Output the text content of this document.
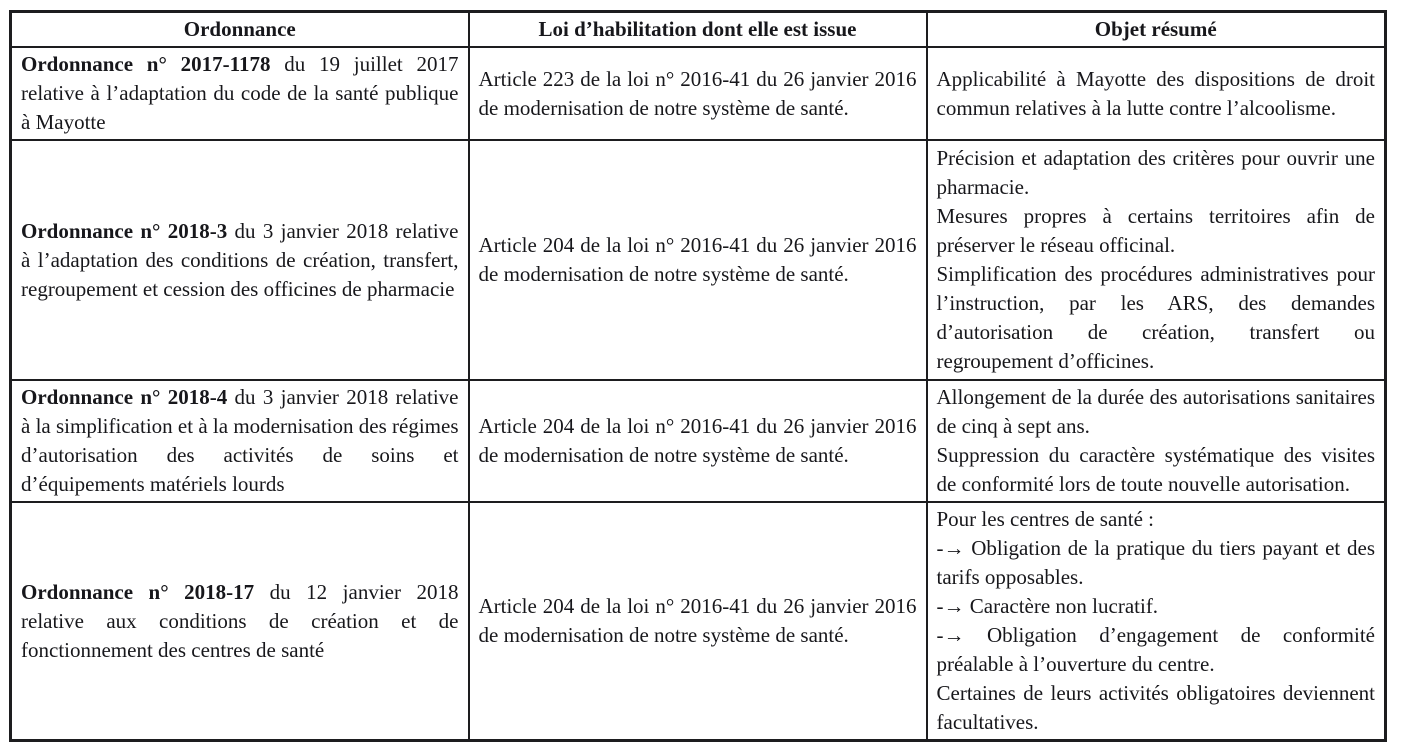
Ordonnance	Loi d’habilitation dont elle est issue	Objet résumé
Ordonnance n° 2017-1178 du 19 juillet 2017 relative à l’adaptation du code de la santé publique à Mayotte	Article 223 de la loi n° 2016-41 du 26 janvier 2016 de modernisation de notre système de santé.	Applicabilité à Mayotte des dispositions de droit commun relatives à la lutte contre l’alcoolisme.

Ordonnance n° 2018-3 du 3 janvier 2018 relative à l’adaptation des conditions de création, transfert, regroupement et cession des officines de pharmacie	Article 204 de la loi n° 2016-41 du 26 janvier 2016 de modernisation de notre système de santé.	Précision et adaptation des critères pour ouvrir une pharmacie.

Mesures propres à certains territoires afin de préserver le réseau officinal.

Simplification des procédures administratives pour l’instruction, par les ARS, des demandes d’autorisation de création, transfert ou regroupement d’officines.

Ordonnance n° 2018-4 du 3 janvier 2018 relative à la simplification et à la modernisation des régimes d’autorisation des activités de soins et d’équipements matériels lourds	Article 204 de la loi n° 2016-41 du 26 janvier 2016 de modernisation de notre système de santé.	Allongement de la durée des autorisations sanitaires de cinq à sept ans.

Suppression du caractère systématique des visites de conformité lors de toute nouvelle autorisation.

Ordonnance n° 2018-17 du 12 janvier 2018 relative aux conditions de création et de fonctionnement des centres de santé	Article 204 de la loi n° 2016-41 du 26 janvier 2016 de modernisation de notre système de santé.	Pour les centres de santé :

-→ Obligation de la pratique du tiers payant et des tarifs opposables.

-→ Caractère non lucratif.

-→ Obligation d’engagement de conformité préalable à l’ouverture du centre.

Certaines de leurs activités obligatoires deviennent facultatives.
